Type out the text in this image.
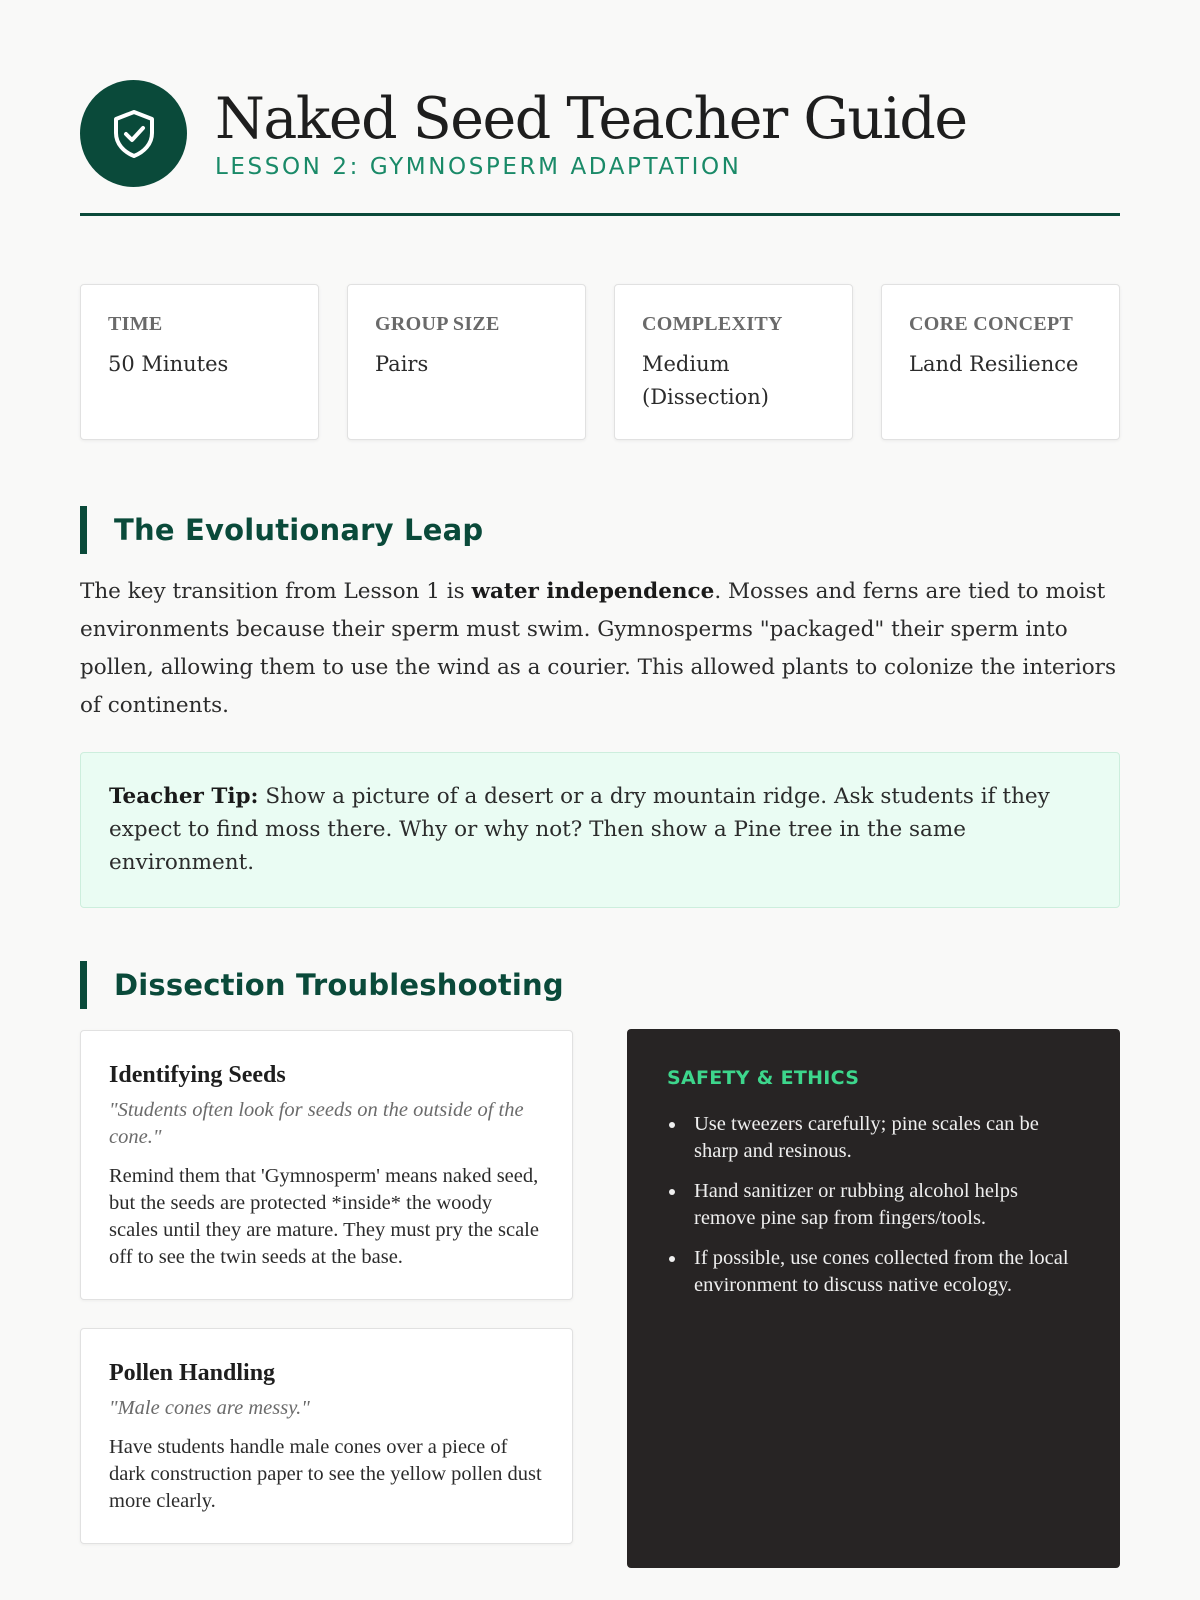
Naked Seed Teacher Guide
LESSON 2: GYMNOSPERM ADAPTATION
TIME
50 Minutes
GROUP SIZE
Pairs
COMPLEXITY
Medium (Dissection)
CORE CONCEPT
Land Resilience
The Evolutionary Leap

The key transition from Lesson 1 is water independence. Mosses and ferns are tied to moist environments because their sperm must swim. Gymnosperms "packaged" their sperm into pollen, allowing them to use the wind as a courier. This allowed plants to colonize the interiors of continents.

Teacher Tip: Show a picture of a desert or a dry mountain ridge. Ask students if they expect to find moss there. Why or why not? Then show a Pine tree in the same environment.
Dissection Troubleshooting
Identifying Seeds
"Students often look for seeds on the outside of the cone."
Remind them that 'Gymnosperm' means naked seed, but the seeds are protected *inside* the woody scales until they are mature. They must pry the scale off to see the twin seeds at the base.
Pollen Handling
"Male cones are messy."
Have students handle male cones over a piece of dark construction paper to see the yellow pollen dust more clearly.
SAFETY & ETHICS
Use tweezers carefully; pine scales can be sharp and resinous.
Hand sanitizer or rubbing alcohol helps remove pine sap from fingers/tools.
If possible, use cones collected from the local environment to discuss native ecology.
